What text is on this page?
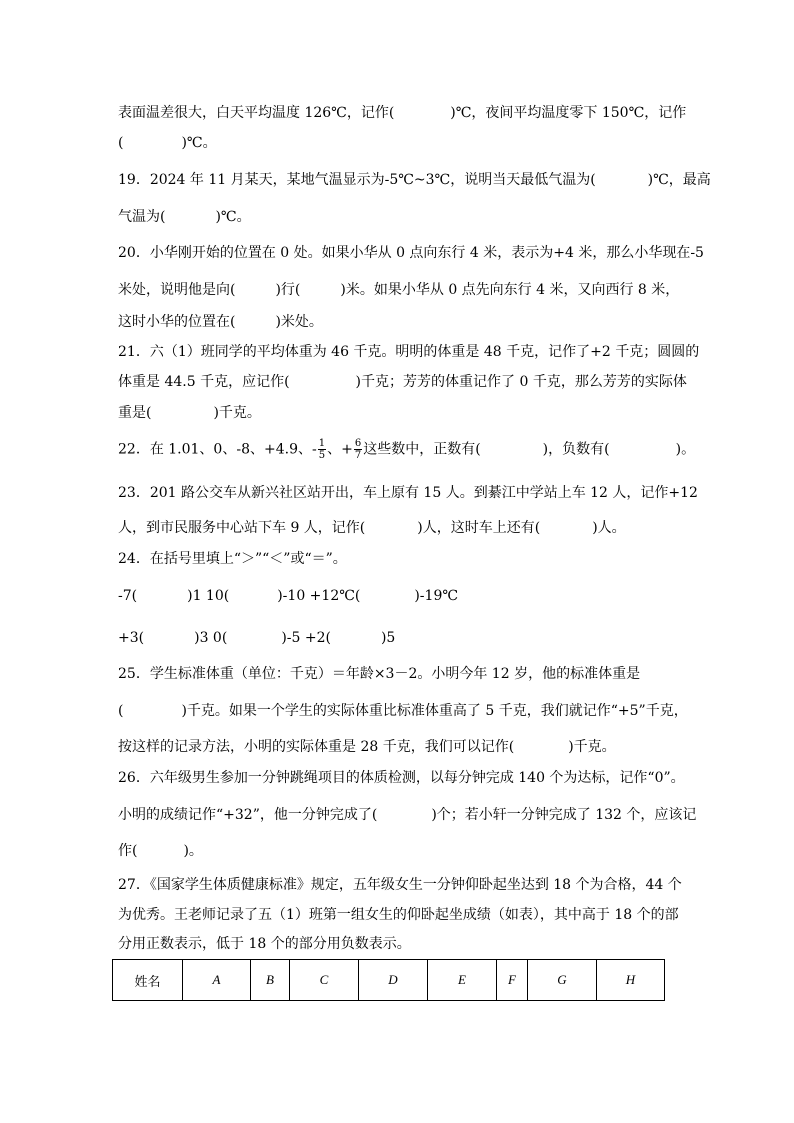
表面温差很大，白天平均温度 126℃，记作(	)℃，夜间平均温度零下 150℃，记作
(	)℃。
19．2024 年 11 月某天，某地气温显示为-5℃~3℃，说明当天最低气温为(	)℃，最高
气温为(	)℃。
20．小华刚开始的位置在 0 处。如果小华从 0 点向东行 4 米，表示为+4 米，那么小华现在-5
米处，说明他是向(	)行(	)米。如果小华从 0 点先向东行 4 米，又向西行 8 米，
这时小华的位置在(	)米处。
21．六（1）班同学的平均体重为 46 千克。明明的体重是 48 千克，记作了+2 千克；圆圆的
体重是 44.5 千克，应记作(	)千克；芳芳的体重记作了 0 千克，那么芳芳的实际体
重是(	)千克。
22．在 1.01、0、-8、+4.9、- $\frac{1}{5}$ 、+ $\frac{6}{7}$ 这些数中，正数有(	)，负数有(	)。
23．201 路公交车从新兴社区站开出，车上原有 15 人。到綦江中学站上车 12 人，记作+12
人，到市民服务中心站下车 9 人，记作(	)人，这时车上还有(	)人。
24．在括号里填上“＞”“＜”或“＝”。
-7(	)1 10(	)-10 +12℃(	)-19℃
+3(	)3 0(	)-5 +2(	)5
25．学生标准体重（单位：千克）＝年龄×3－2。小明今年 12 岁，他的标准体重是
(	)千克。如果一个学生的实际体重比标准体重高了 5 千克，我们就记作“+5”千克，
按这样的记录方法，小明的实际体重是 28 千克，我们可以记作(	)千克。
26．六年级男生参加一分钟跳绳项目的体质检测，以每分钟完成 140 个为达标，记作“0”。
小明的成绩记作“+32”，他一分钟完成了(	)个；若小轩一分钟完成了 132 个，应该记
作(	)。
27．《国家学生体质健康标准》规定，五年级女生一分钟仰卧起坐达到 18 个为合格，44 个
为优秀。王老师记录了五（1）班第一组女生的仰卧起坐成绩（如表），其中高于 18 个的部
分用正数表示，低于 18 个的部分用负数表示。
姓名	A	B	C	D	E	F	G	H
